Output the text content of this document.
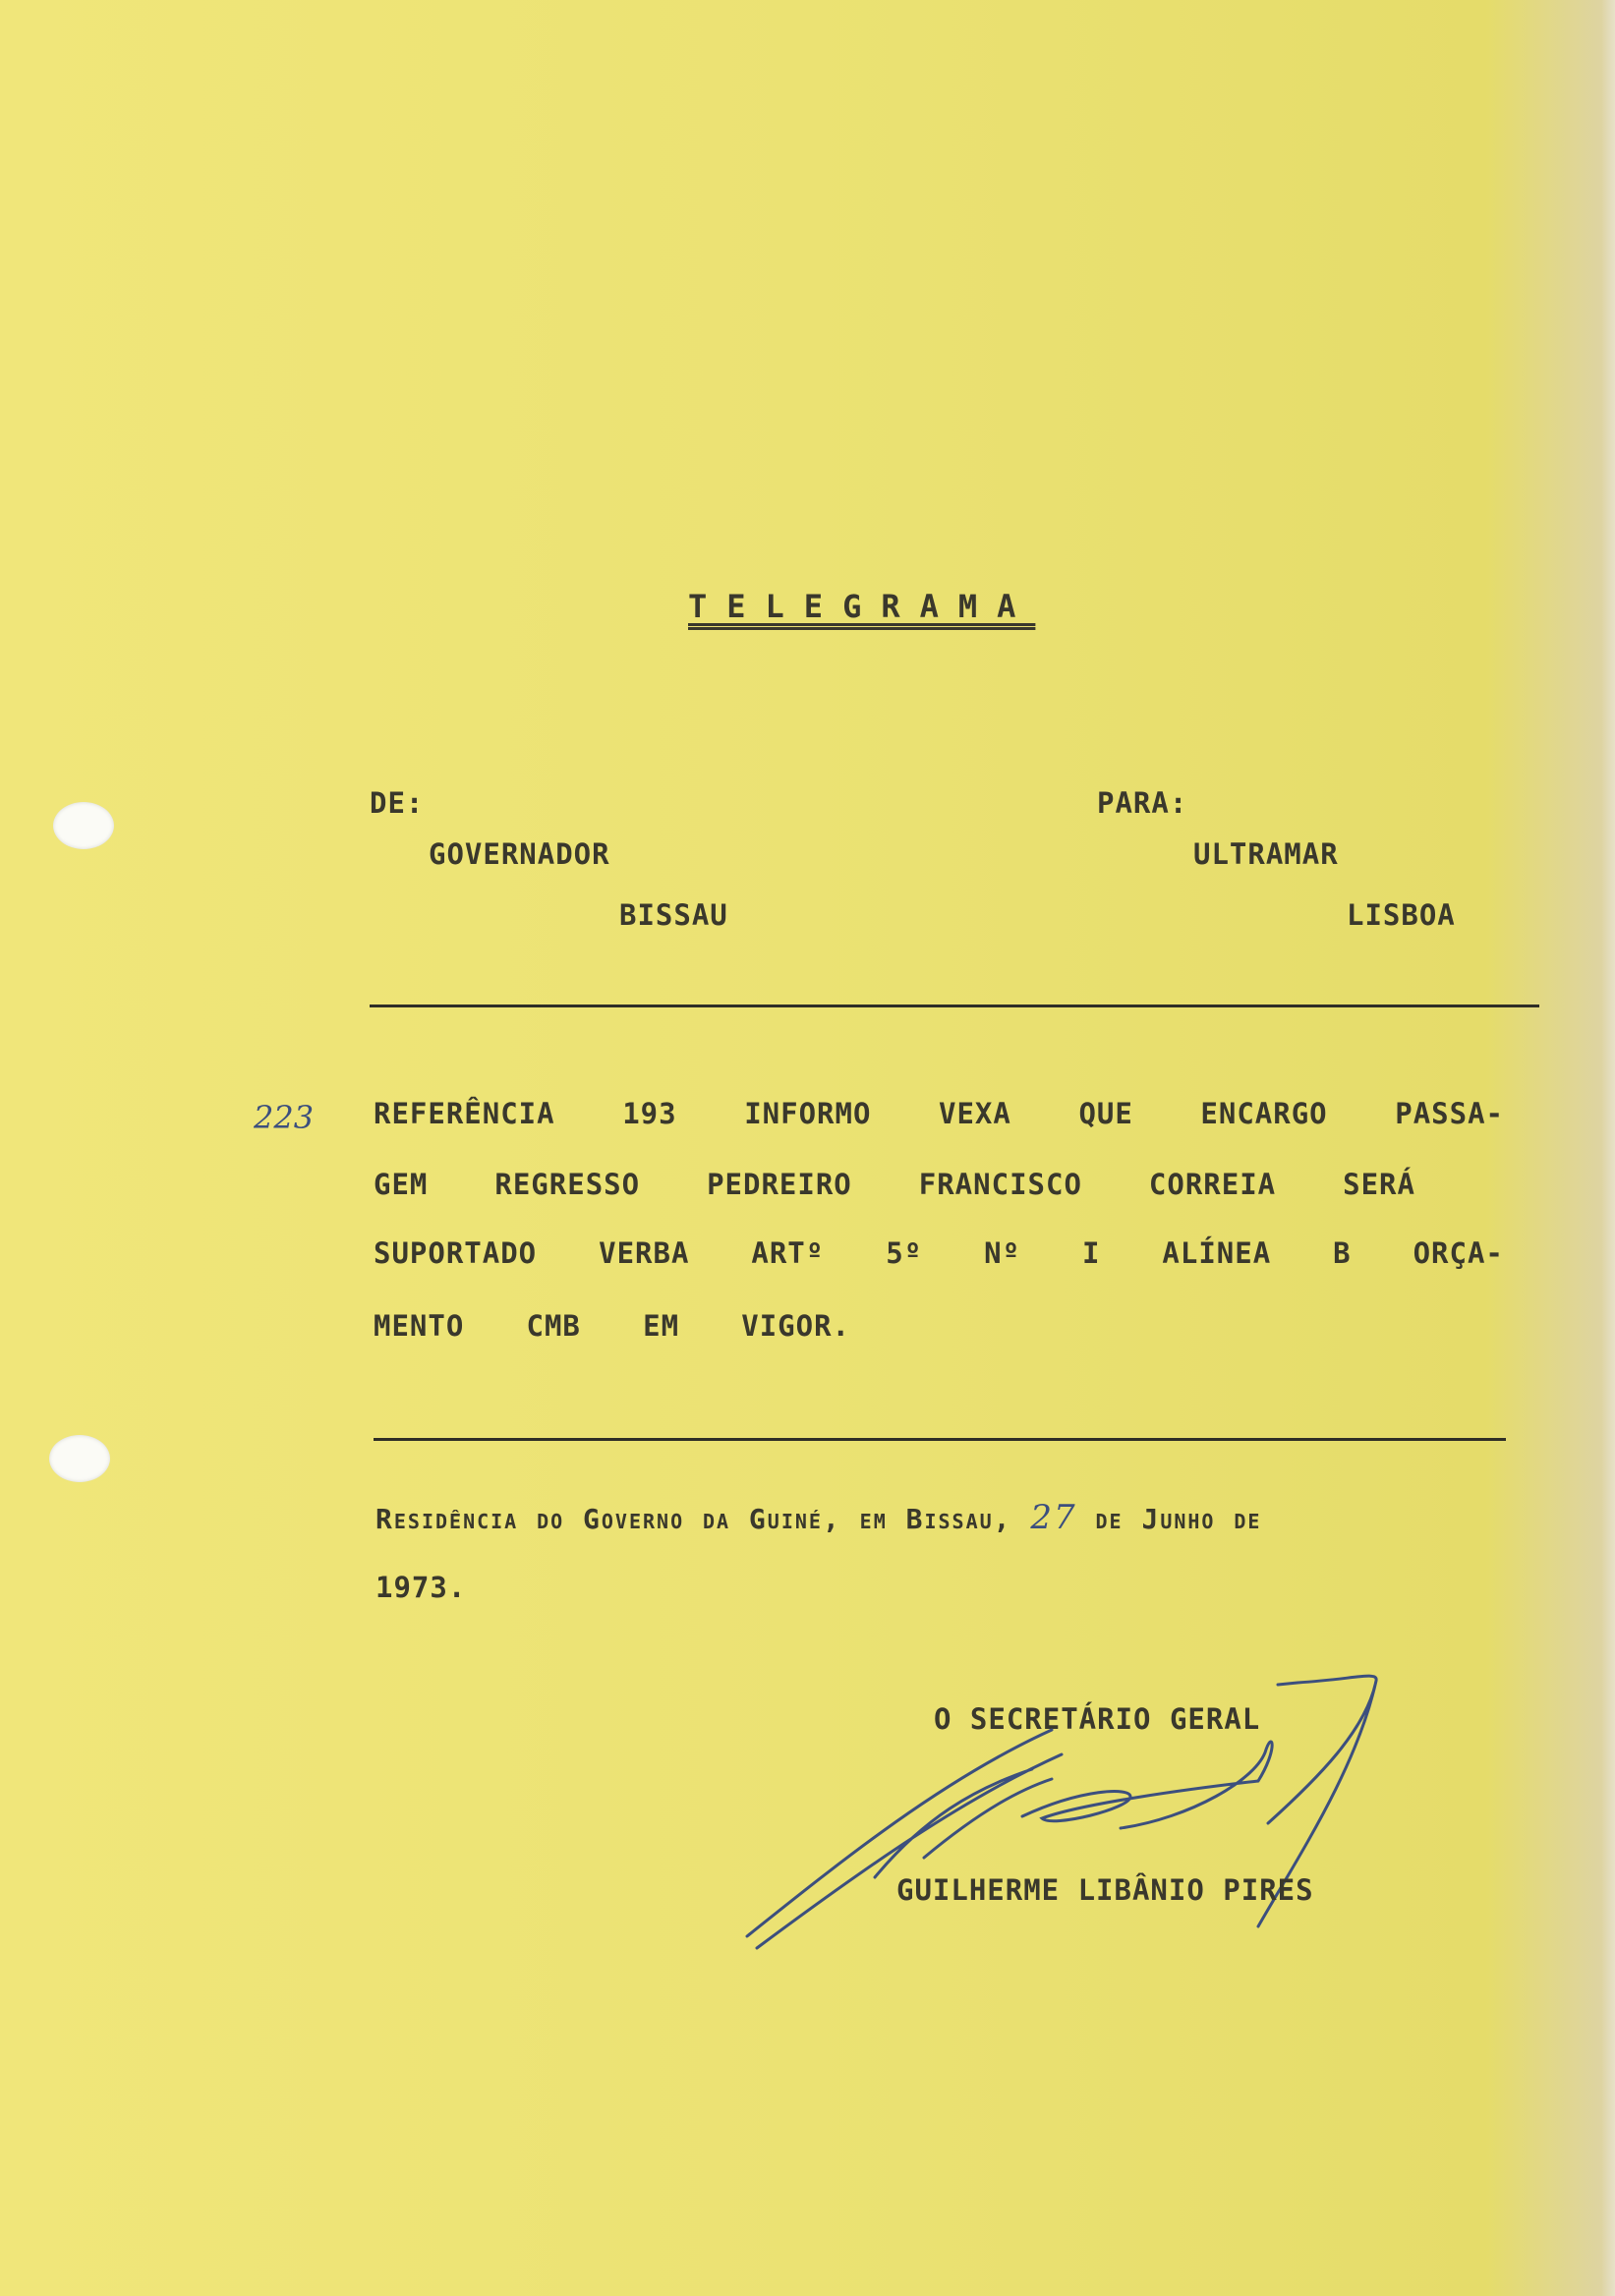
TELEGRAMA
DE:
GOVERNADOR
BISSAU
PARA:
ULTRAMAR
LISBOA
223 REFERÊNCIA 193 INFORMO VEXA QUE ENCARGO PASSA-
GEM REGRESSO PEDREIRO FRANCISCO CORREIA SERÁ
SUPORTADO VERBA ARTº 5º Nº I ALÍNEA B ORÇA-
MENTO CMB EM VIGOR.
Residência do Governo da Guiné, em Bissau, 27 de Junho de
1973.
O SECRETÁRIO GERAL
GUILHERME LIBÂNIO PIRES
